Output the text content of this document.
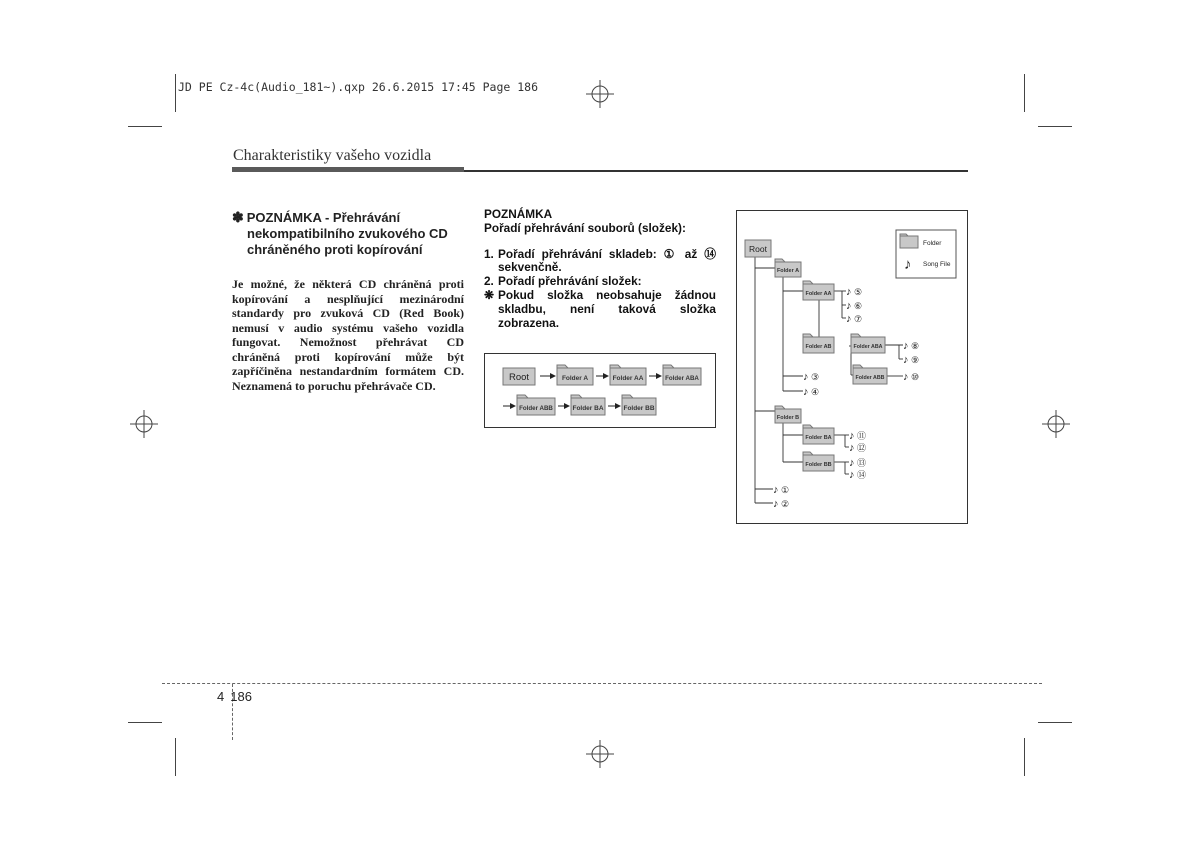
JD PE Cz-4c(Audio_181~).qxp 26.6.2015 17:45 Page 186
Charakteristiky vašeho vozidla
✽ POZNÁMKA - Přehrávání
nekompatibilního zvukového CD chráněného proti kopírování
Je možné, že některá CD chráněná proti kopírování a nesplňující mezinárodní standardy pro zvuková CD (Red Book) nemusí v audio systému vašeho vozidla fungovat. Nemožnost přehrávat CD chráněná proti kopírování může být zapříčiněna nestandardním formátem CD. Neznamená to poruchu přehrávače CD.
POZNÁMKA
Pořadí přehrávání souborů (složek):
1. Pořadí přehrávání skladeb: ① až ⑭ sekvenčně.
2. Pořadí přehrávání složek:
❋ Pokud složka neobsahuje žádnou skladbu, není taková složka zobrazena.
Root	Folder A	Folder AA	Folder ABA
Folder ABB	Folder BA	Folder BB
Folder
♪ Song File
Root
Folder A
Folder AA
Folder AB	Folder ABA
Folder ABB
Folder B
Folder BA
Folder BB
♪
♪
♪
♪
♪
♪
♪
♪
♪
♪
♪
♪
♪
♪
⑤
⑥
⑦
⑧
⑨
⑩
③
④
⑪
⑫
⑬
⑭
①
②
4 186
